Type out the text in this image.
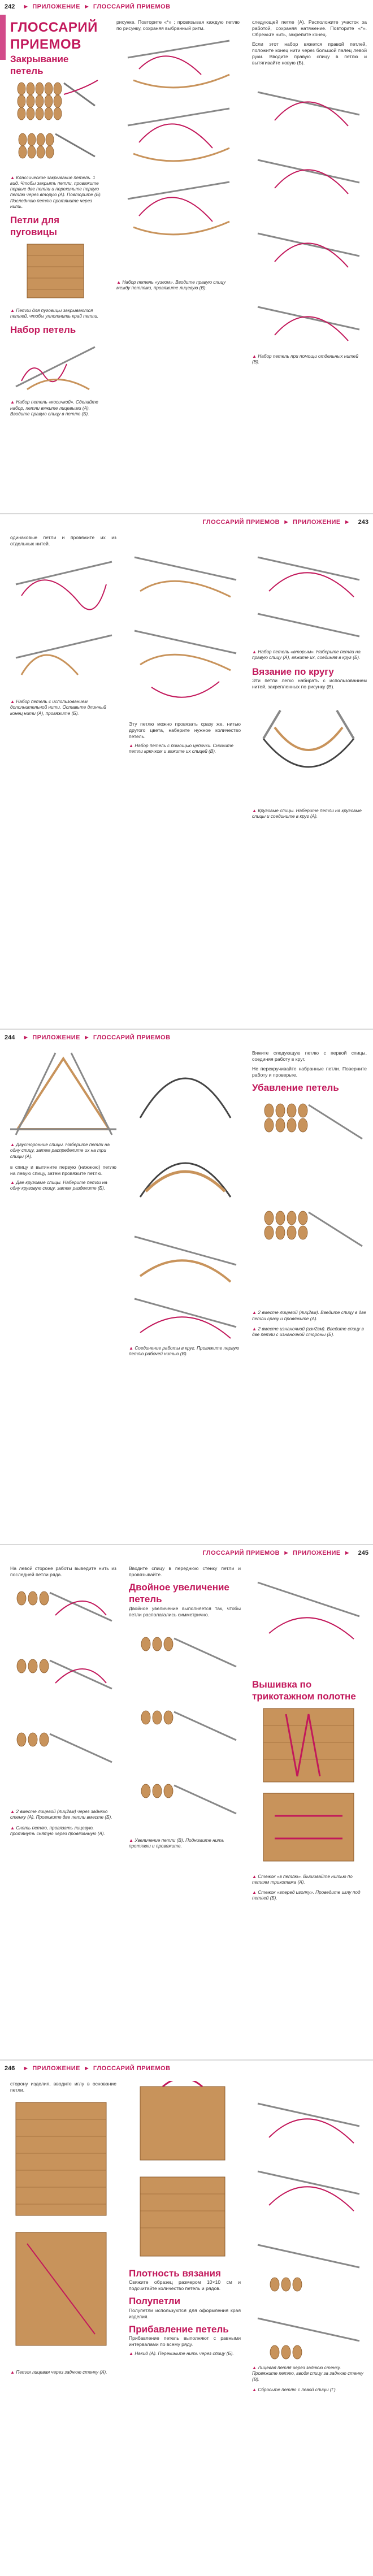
242	► ПРИЛОЖЕНИЕ ► ГЛОССАРИЙ ПРИЕМОВ
ГЛОССАРИЙ ПРИЕМОВ
Закрывание петель

▲ Классическое закрывание петель. 1 вид. Чтобы закрыть петли, провяжите первые две петли и перекиньте первую петлю через вторую (А). Повторите (Б). Последнюю петлю протяните через нить.

Петли для пуговицы

▲ Петли для пуговицы закрываются петлей, чтобы уплотнить край петли.

Набор петель

▲ Набор петель «косичкой». Сделайте набор, петли вяжите лицевыми (А). Вводите правую спицу в петлю (Б).

рисунке. Повторите «*» ; провязывая каждую петлю по рисунку, сохраняя выбранный ритм.

▲ Набор петель «узлом». Вводите правую спицу между петлями, провяжите лицевую (В).

следующей петле (А). Расположите участок за работой, сохраняя натяжение. Повторите «*». Обрежьте нить, закрепите конец.

Если этот набор вяжется правой петлей, положите конец нити через большой палец левой руки. Вводите правую спицу в петлю и вытягивайте новую (Б).

▲ Набор петель при помощи отдельных нитей (В).

ГЛОССАРИЙ ПРИЕМОВ ► ПРИЛОЖЕНИЕ ►	243

одинаковые петли и провяжите их из отдельных нитей.

▲ Набор петель с использованием дополнительной нити. Оставьте длинный конец нити (А), провяжите (Б).

Эту петлю можно провязать сразу же, нитью другого цвета, наберите нужное количество петель.

▲ Набор петель с помощью цепочки. Снимите петли крючком и вяжите их спицей (В).

▲ Набор петель «вторым». Наберите петли на правую спицу (А), вяжите их, соединяя в круг (Б).

Вязание по кругу

Эти петли легко набирать с использованием нитей, закрепленных по рисунку (В).

▲ Круговые спицы. Наберите петли на круговые спицы и соедините в круг (А).

244	► ПРИЛОЖЕНИЕ ► ГЛОССАРИЙ ПРИЕМОВ

▲ Двусторонние спицы. Наберите петли на одну спицу, затем распределите их на три спицы (А).

в спицу и вытяните первую (нижнюю) петлю на левую спицу, затем провяжите петлю.

▲ Две круговые спицы. Наберите петли на одну круговую спицу, затем разделите (Б).

▲ Соединение работы в круг. Провяжите первую петлю рабочей нитью (В).

Вяжите следующую петлю с первой спицы, соединяя работу в круг.

Не перекручивайте набранные петли. Поверните работу и проверьте.

Убавление петель

▲ 2 вместе лицевой (лиц2вм). Введите спицу в две петли сразу и провяжите (А).

▲ 2 вместе изнаночной (изн2вм). Введите спицу в две петли с изнаночной стороны (Б).

ГЛОССАРИЙ ПРИЕМОВ ► ПРИЛОЖЕНИЕ ►	245

На левой стороне работы выведите нить из последней петли ряда.

▲ 2 вместе лицевой (лиц2вм) через заднюю стенку (А). Провяжите две петли вместе (Б).

▲ Снять петлю, провязать лицевую, протянуть снятую через провязанную (А).

Вводите спицу в переднюю стенку петли и провязывайте.

Двойное увеличение петель

Двойное увеличение выполняется так, чтобы петли располагались симметрично.

▲ Увеличение петли (В). Поднимите нить протяжки и провяжите.

Вышивка по трикотажном полотне

▲ Стежок «в петлю». Вышивайте нитью по петлям трикотажа (А).

▲ Стежок «вперед иголку». Проведите иглу под петлей (Б).

246	► ПРИЛОЖЕНИЕ ► ГЛОССАРИЙ ПРИЕМОВ

сторону изделия, вводите иглу в основание петли.

▲ Петля лицевая через заднюю стенку (А).

Плотность вязания

Свяжите образец размером 10×10 см и подсчитайте количество петель и рядов.

Полупетли

Полупетли используются для оформления края изделия.

Прибавление петель

Прибавление петель выполняют с равными интервалами по всему ряду.

▲ Накид (А). Перекиньте нить через спицу (Б).

▲ Лицевая петля через заднюю стенку. Провяжите петлю, вводя спицу за заднюю стенку (В).

▲ Сбросьте петлю с левой спицы (Г).
